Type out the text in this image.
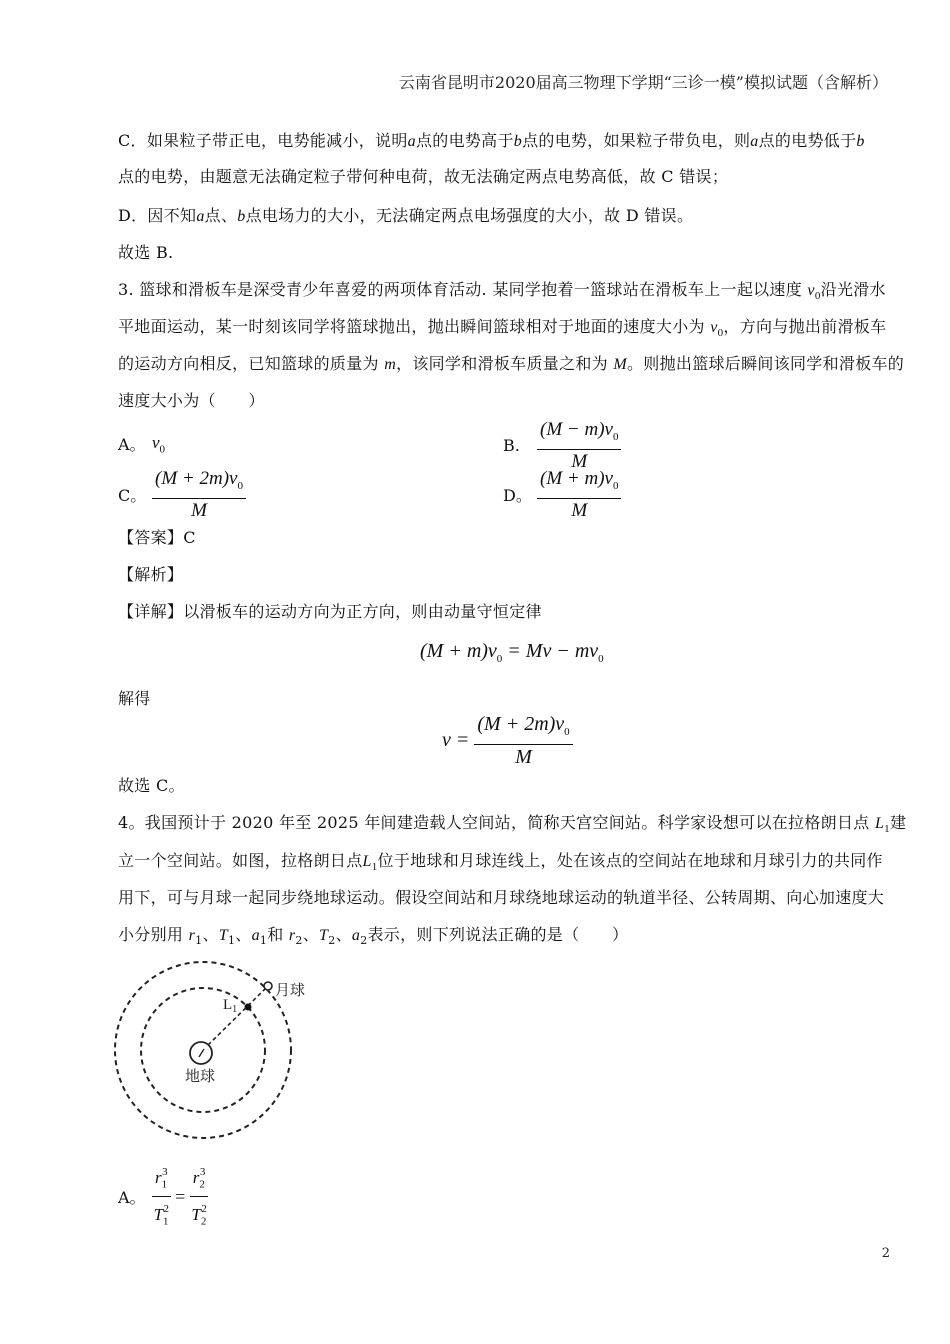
云南省昆明市2020届高三物理下学期“三诊一模”模拟试题（含解析）
C．如果粒子带正电，电势能减小，说明a点的电势高于b点的电势，如果粒子带负电，则a点的电势低于b
点的电势，由题意无法确定粒子带何种电荷，故无法确定两点电势高低，故 C 错误；
D．因不知a点、b点电场力的大小，无法确定两点电场强度的大小，故 D 错误。
故选 B.
3. 篮球和滑板车是深受青少年喜爱的两项体育活动. 某同学抱着一篮球站在滑板车上一起以速度 $v_0$沿光滑水
平地面运动，某一时刻该同学将篮球抛出，抛出瞬间篮球相对于地面的速度大小为 $v_0$，方向与抛出前滑板车
的运动方向相反，已知篮球的质量为 m，该同学和滑板车质量之和为 M。则抛出篮球后瞬间该同学和滑板车的
速度大小为（　　）
A。 $v_0$	B. $\frac{(M - m)v_0}{M}$
C。 $\frac{(M + 2m)v_0}{M}$	D。 $\frac{(M + m)v_0}{M}$
【答案】C
【解析】
【详解】以滑板车的运动方向为正方向，则由动量守恒定律
$(M + m)v_0 = Mv - mv_0$
解得
$v = \frac{(M + 2m)v_0}{M}$
故选 C。
4。我国预计于 2020 年至 2025 年间建造载人空间站，简称天宫空间站。科学家设想可以在拉格朗日点 $L_1$建
立一个空间站。如图，拉格朗日点$L_1$位于地球和月球连线上，处在该点的空间站在地球和月球引力的共同作
用下，可与月球一起同步绕地球运动。假设空间站和月球绕地球运动的轨道半径、公转周期、向心加速度大
小分别用 $r_1$、$T_1$、$a_1$和 $r_2$、$T_2$、$a_2$表示，则下列说法正确的是（　　）
月球
地球
$L_1$
A。 $\frac{r_1^3}{T_1^2} = \frac{r_2^3}{T_2^2}$
2
